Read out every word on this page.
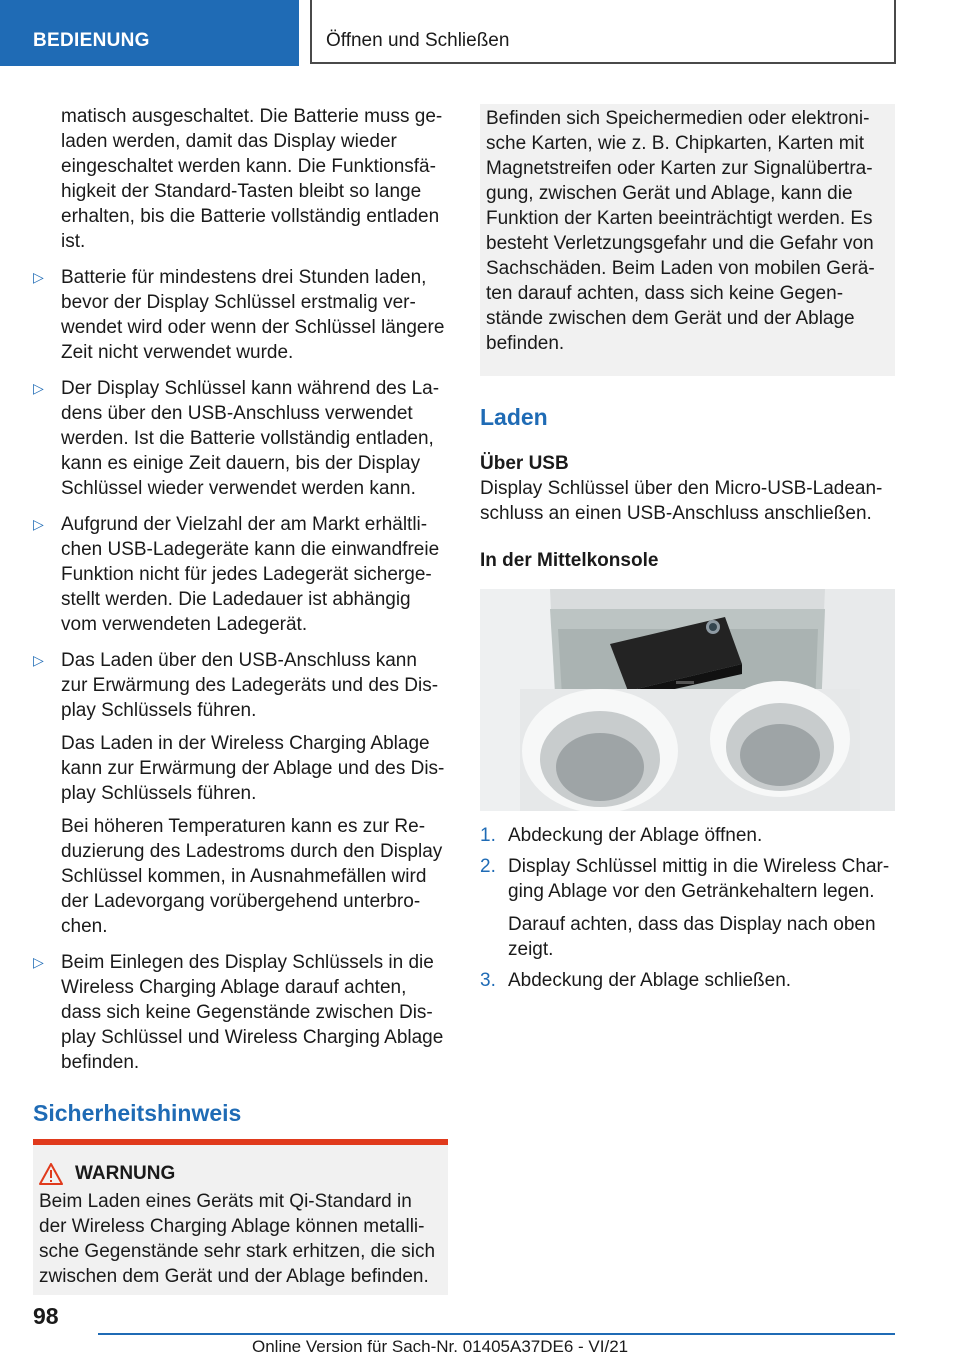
BEDIENUNG	Öffnen und Schließen

matisch ausgeschaltet. Die Batterie muss geladen werden, damit das Display wieder eingeschaltet werden kann. Die Funktionsfähigkeit der Standard-Tasten bleibt so lange erhalten, bis die Batterie vollständig entladen ist.

▷ Batterie für mindestens drei Stunden laden, bevor der Display Schlüssel erstmalig verwendet wird oder wenn der Schlüssel längere Zeit nicht verwendet wurde.
▷ Der Display Schlüssel kann während des Ladens über den USB-Anschluss verwendet werden. Ist die Batterie vollständig entladen, kann es einige Zeit dauern, bis der Display Schlüssel wieder verwendet werden kann.
▷ Aufgrund der Vielzahl der am Markt erhältlichen USB-Ladegeräte kann die einwandfreie Funktion nicht für jedes Ladegerät sichergestellt werden. Die Ladedauer ist abhängig vom verwendeten Ladegerät.
▷ Das Laden über den USB-Anschluss kann zur Erwärmung des Ladegeräts und des Display Schlüssels führen.

Das Laden in der Wireless Charging Ablage kann zur Erwärmung der Ablage und des Display Schlüssels führen.

Bei höheren Temperaturen kann es zur Reduzierung des Ladestroms durch den Display Schlüssel kommen, in Ausnahmefällen wird der Ladevorgang vorübergehend unterbrochen.

▷ Beim Einlegen des Display Schlüssels in die Wireless Charging Ablage darauf achten, dass sich keine Gegenstände zwischen Display Schlüssel und Wireless Charging Ablage befinden.
Sicherheitshinweis
WARNUNG

Beim Laden eines Geräts mit Qi-Standard in der Wireless Charging Ablage können metallische Gegenstände sehr stark erhitzen, die sich zwischen dem Gerät und der Ablage befinden.

Befinden sich Speichermedien oder elektronische Karten, wie z. B. Chipkarten, Karten mit Magnetstreifen oder Karten zur Signalübertragung, zwischen Gerät und Ablage, kann die Funktion der Karten beeinträchtigt werden. Es besteht Verletzungsgefahr und die Gefahr von Sachschäden. Beim Laden von mobilen Geräten darauf achten, dass sich keine Gegenstände zwischen dem Gerät und der Ablage befinden.

Laden
Über USB

Display Schlüssel über den Micro-USB-Ladeanschluss an einen USB-Anschluss anschließen.

In der Mittelkonsole
1. Abdeckung der Ablage öffnen.
2. Display Schlüssel mittig in die Wireless Charging Ablage vor den Getränkehaltern legen.

Darauf achten, dass das Display nach oben zeigt.

3. Abdeckung der Ablage schließen.
98
Online Version für Sach-Nr. 01405A37DE6 - VI/21
